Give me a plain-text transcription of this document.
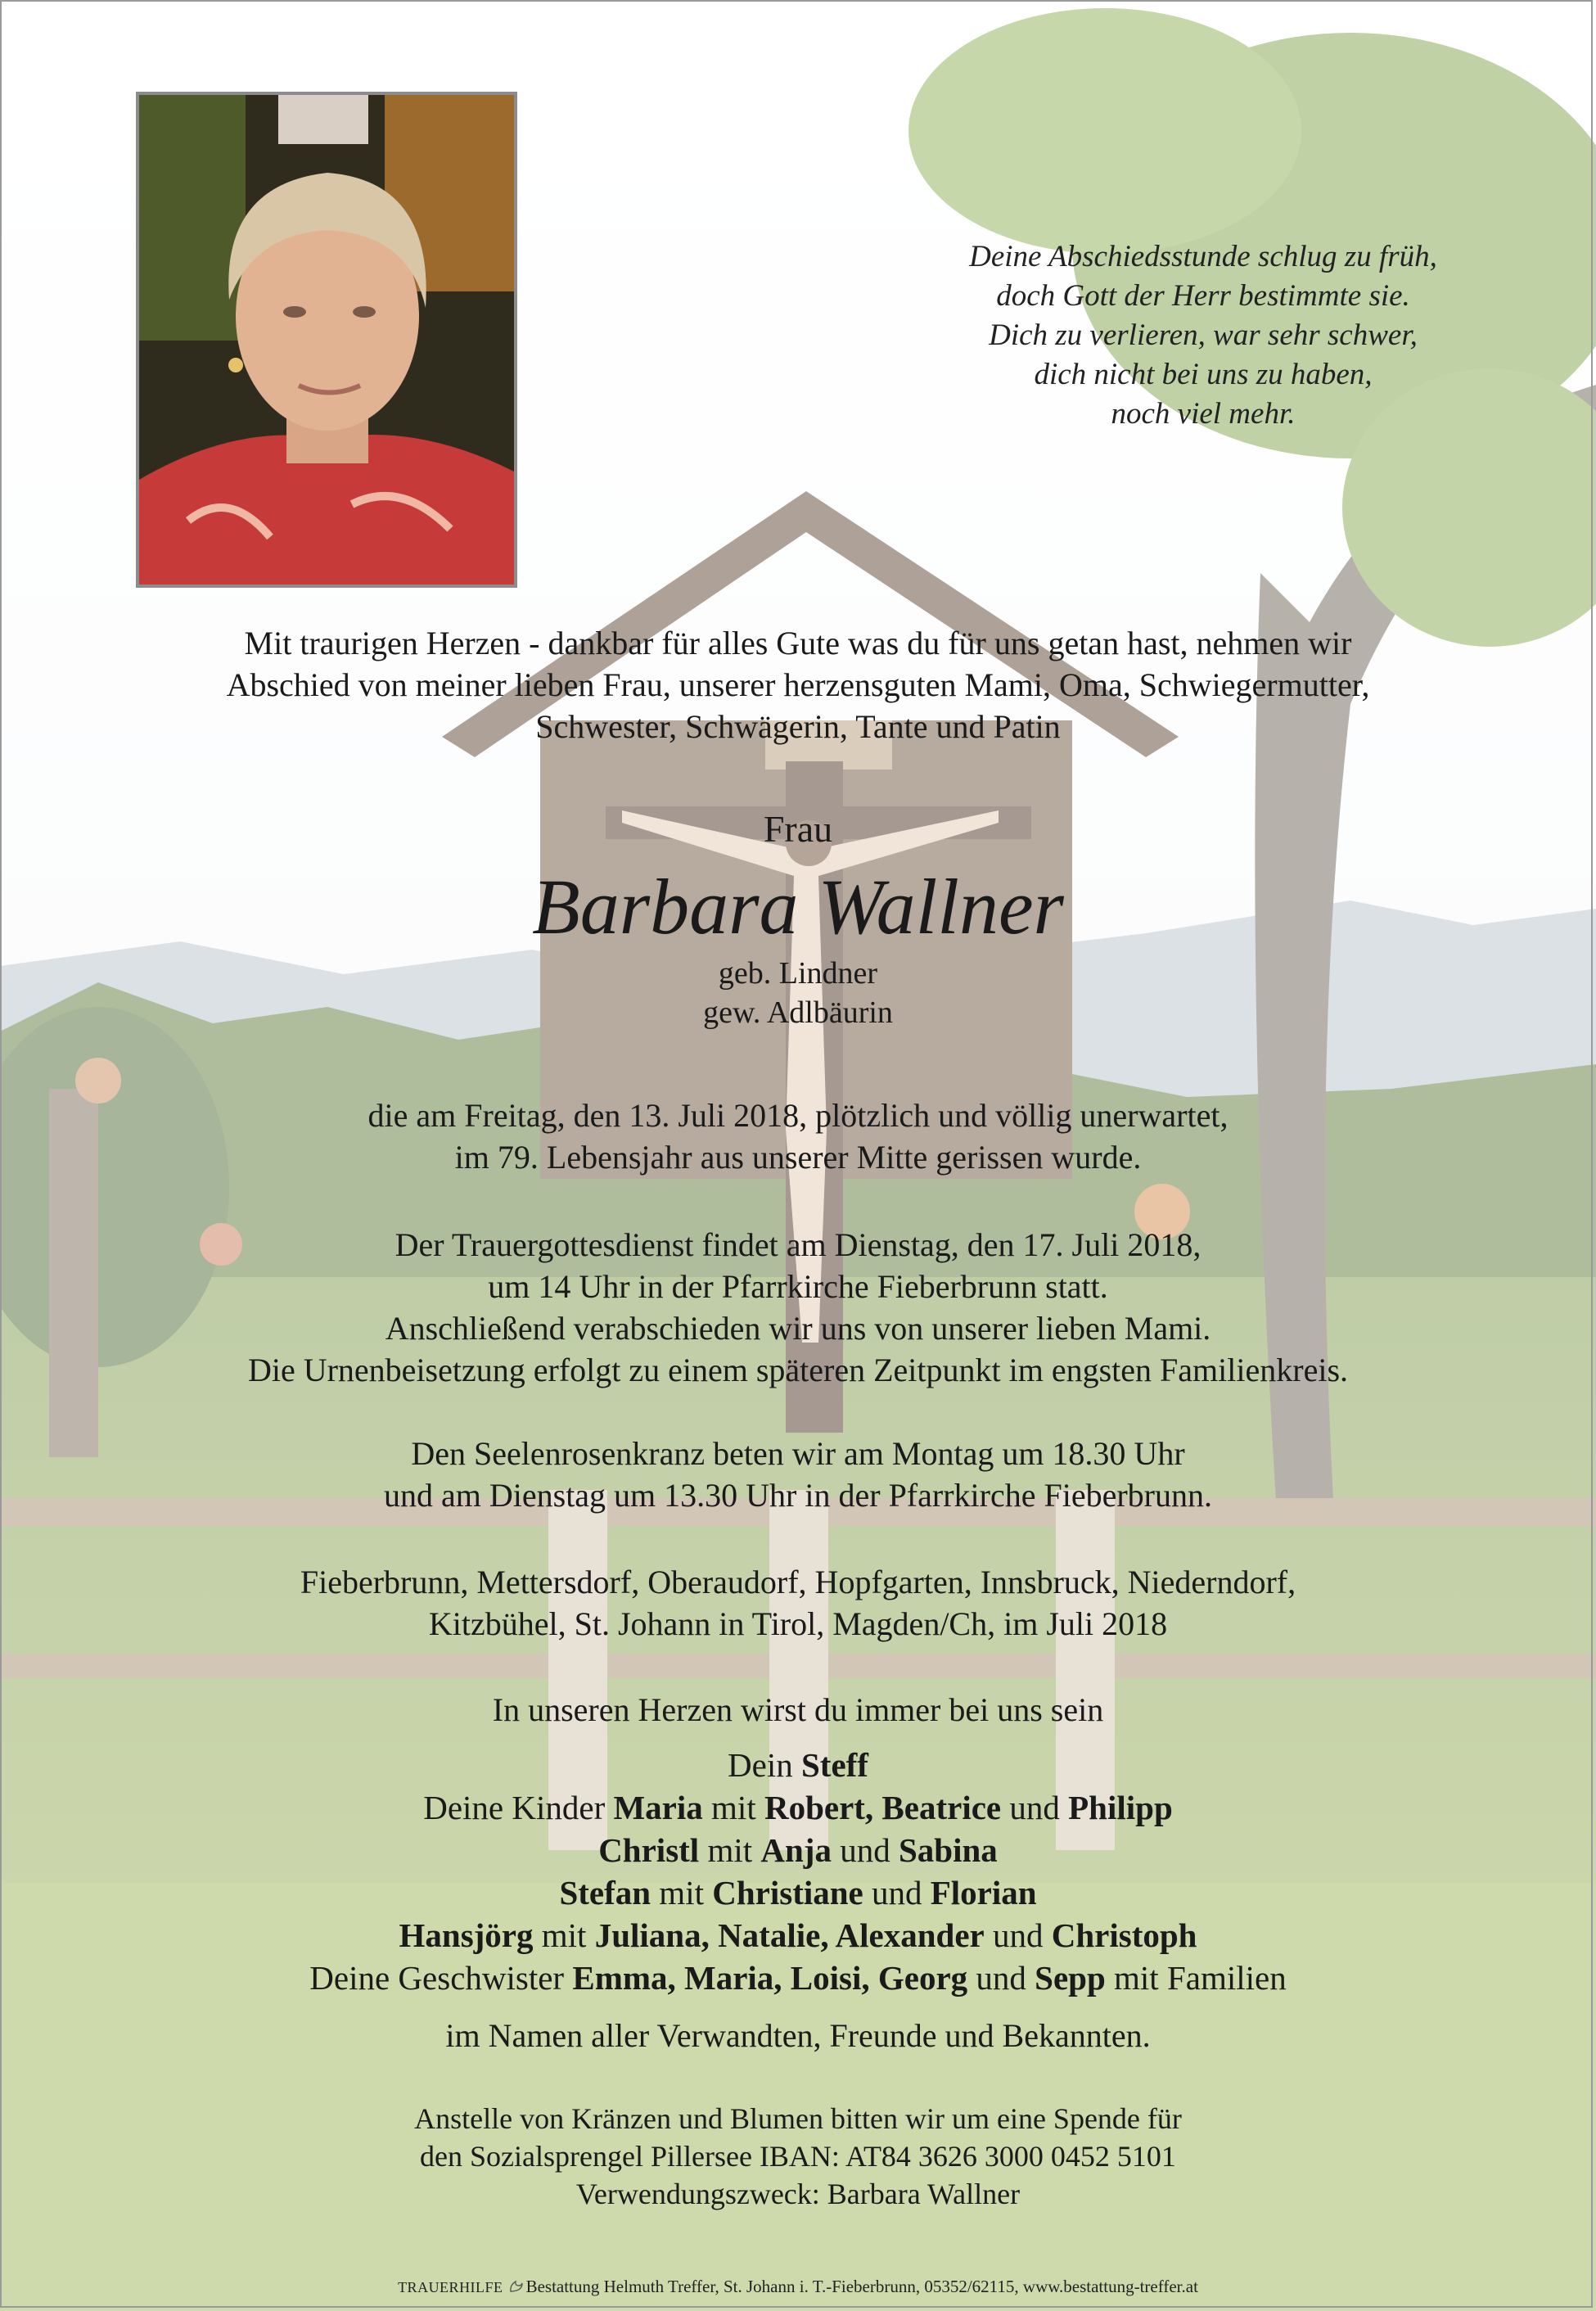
Deine Abschiedsstunde schlug zu früh,
doch Gott der Herr bestimmte sie.
Dich zu verlieren, war sehr schwer,
dich nicht bei uns zu haben,
noch viel mehr.
Mit traurigen Herzen - dankbar für alles Gute was du für uns getan hast, nehmen wir
Abschied von meiner lieben Frau, unserer herzensguten Mami, Oma, Schwiegermutter,
Schwester, Schwägerin, Tante und Patin
Frau
Barbara Wallner
geb. Lindner
gew. Adlbäurin
die am Freitag, den 13. Juli 2018, plötzlich und völlig unerwartet,
im 79. Lebensjahr aus unserer Mitte gerissen wurde.
Der Trauergottesdienst findet am Dienstag, den 17. Juli 2018,
um 14 Uhr in der Pfarrkirche Fieberbrunn statt.
Anschließend verabschieden wir uns von unserer lieben Mami.
Die Urnenbeisetzung erfolgt zu einem späteren Zeitpunkt im engsten Familienkreis.
Den Seelenrosenkranz beten wir am Montag um 18.30 Uhr
und am Dienstag um 13.30 Uhr in der Pfarrkirche Fieberbrunn.
Fieberbrunn, Mettersdorf, Oberaudorf, Hopfgarten, Innsbruck, Niederndorf,
Kitzbühel, St. Johann in Tirol, Magden/Ch, im Juli 2018
In unseren Herzen wirst du immer bei uns sein
Dein Steff
Deine Kinder Maria mit Robert, Beatrice und Philipp
Christl mit Anja und Sabina
Stefan mit Christiane und Florian
Hansjörg mit Juliana, Natalie, Alexander und Christoph
Deine Geschwister Emma, Maria, Loisi, Georg und Sepp mit Familien
im Namen aller Verwandten, Freunde und Bekannten.
Anstelle von Kränzen und Blumen bitten wir um eine Spende für
den Sozialsprengel Pillersee IBAN: AT84 3626 3000 0452 5101
Verwendungszweck: Barbara Wallner
TRAUERHILFE Bestattung Helmuth Treffer, St. Johann i. T.-Fieberbrunn, 05352/62115, www.bestattung-treffer.at
